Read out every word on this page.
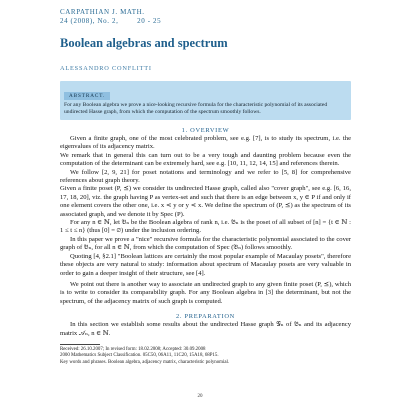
CARPATHIAN J. MATH.
24 (2008), No. 2,	20 - 25
Boolean algebras and spectrum
ALESSANDRO CONFLITTI
ABSTRACT.
For any Boolean algebra we prove a nice-looking recursive formula for the characteristic polynomial of its associated undirected Hasse graph, from which the computation of the spectrum smoothly follows.
1. OVERVIEW

Given a finite graph, one of the most celebrated problem, see e.g. [7], is to study its spectrum, i.e. the eigenvalues of its adjacency matrix.

We remark that in general this can turn out to be a very tough and daunting problem because even the computation of the determinant can be extremely hard, see e.g. [10, 11, 12, 14, 15] and references therein.

We follow [2, 9, 21] for poset notations and terminology and we refer to [5, 8] for comprehensive references about graph theory.

Given a finite poset (P, ⪯) we consider its undirected Hasse graph, called also "cover graph", see e.g. [6, 16, 17, 18, 20], viz. the graph having P as vertex-set and such that there is an edge between x, y ∈ P if and only if one element covers the other one, i.e. x ⋖ y or y ⋖ x. We define the spectrum of (P, ⪯) as the spectrum of its associated graph, and we denote it by Spec (P).

For any n ∈ ℕ, let 𝔅ₙ be the Boolean algebra of rank n, i.e. 𝔅ₙ is the poset of all subset of [n] = {t ∈ ℕ : 1 ≤ t ≤ n} (thus [0] = ∅) under the inclusion ordering.

In this paper we prove a "nice" recursive formula for the characteristic polynomial associated to the cover graph of 𝔅ₙ, for all n ∈ ℕ, from which the computation of Spec (𝔅ₙ) follows smoothly.

Quoting [4, §2.1] "Boolean lattices are certainly the most popular example of Macaulay posets", therefore these objects are very natural to study: information about spectrum of Macaulay posets are very valuable in order to gain a deeper insight of their structure, see [4].

We point out there is another way to associate an undirected graph to any given finite poset (P, ⪯), which is to write to consider its comparability graph. For any Boolean algebra in [3] the determinant, but not the spectrum, of the adjacency matrix of such graph is computed.

2. PREPARATION

In this section we establish some results about the undirected Hasse graph 𝒢ₙ of 𝔅ₙ and its adjacency matrix 𝒜ₙ, n ∈ ℕ.

Received: 26.10.2007; In revised form: 18.02.2008; Accepted: 30.09.2008
2000 Mathematics Subject Classification. 05C50, 06A11, 11C20, 15A18, 68P15.
Key words and phrases. Boolean algebra, adjacency matrix, characteristic polynomial.
20
